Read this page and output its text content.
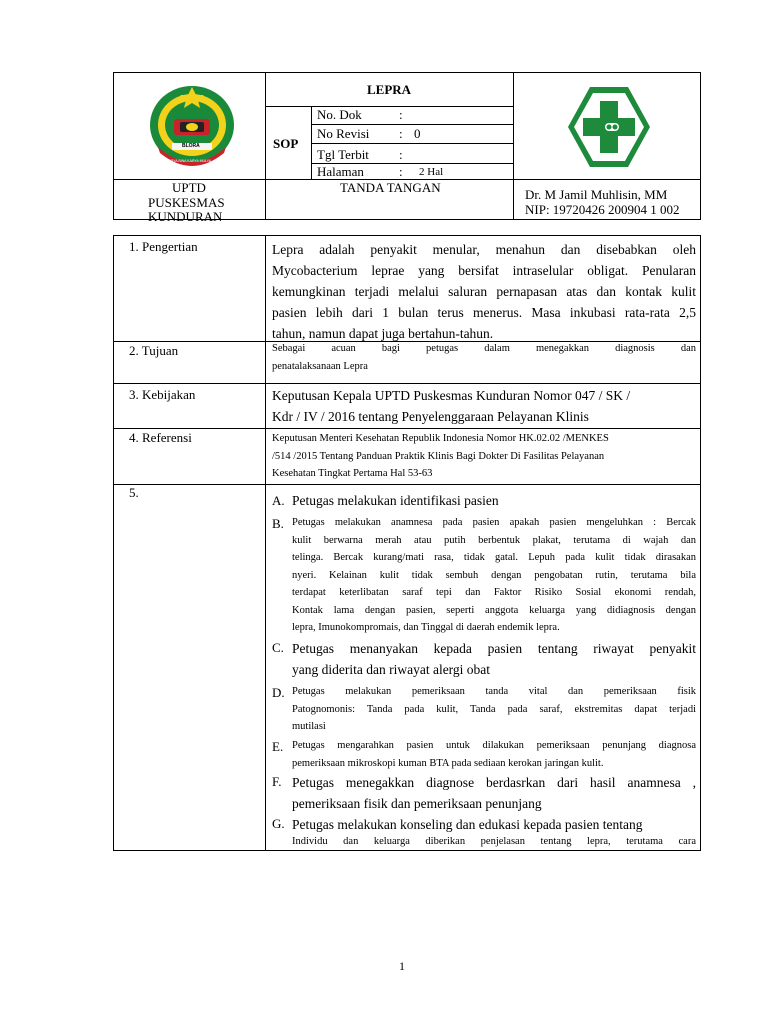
BLORA
KARYA BINA KARYA MULYA
LEPRA
SOP
No. Dok	:
No Revisi : 0
Tgl Terbit :
Halaman	: 2 Hal
UPTD
PUSKESMAS
KUNDURAN
TANDA TANGAN	Dr. M Jamil Muhlisin, MM
NIP: 19720426 200904 1 002
1. Pengertian	Lepra adalah penyakit menular, menahun dan disebabkan oleh
Mycobacterium leprae yang bersifat intraselular obligat. Penularan
kemungkinan terjadi melalui saluran pernapasan atas dan kontak kulit
pasien lebih dari 1 bulan terus menerus. Masa inkubasi rata-rata 2,5
tahun, namun dapat juga bertahun-tahun.
2. Tujuan	Sebagai acuan bagi petugas dalam menegakkan diagnosis dan
penatalaksanaan Lepra
3. Kebijakan	Keputusan Kepala UPTD Puskesmas Kunduran Nomor 047 / SK /
Kdr / IV / 2016 tentang Penyelenggaraan Pelayanan Klinis
4. Referensi	Keputusan Menteri Kesehatan Republik Indonesia Nomor HK.02.02 /MENKES
/514 /2015 Tentang Panduan Praktik Klinis Bagi Dokter Di Fasilitas Pelayanan
Kesehatan Tingkat Pertama Hal 53-63
5.
A. Petugas melakukan identifikasi pasien
B. Petugas melakukan anamnesa pada pasien apakah pasien mengeluhkan : Bercak
kulit berwarna merah atau putih berbentuk plakat, terutama di wajah dan
telinga. Bercak kurang/mati rasa, tidak gatal. Lepuh pada kulit tidak dirasakan
nyeri. Kelainan kulit tidak sembuh dengan pengobatan rutin, terutama bila
terdapat keterlibatan saraf tepi dan Faktor Risiko Sosial ekonomi rendah,
Kontak lama dengan pasien, seperti anggota keluarga yang didiagnosis dengan
lepra, Imunokompromais, dan Tinggal di daerah endemik lepra.
C. Petugas menanyakan kepada pasien tentang riwayat penyakit
yang diderita dan riwayat alergi obat
D. Petugas melakukan pemeriksaan tanda vital dan pemeriksaan fisik
Patognomonis: Tanda pada kulit, Tanda pada saraf, ekstremitas dapat terjadi
mutilasi
E. Petugas mengarahkan pasien untuk dilakukan pemeriksaan penunjang diagnosa
pemeriksaan mikroskopi kuman BTA pada sediaan kerokan jaringan kulit.
F. Petugas menegakkan diagnose berdasrkan dari hasil anamnesa ,
pemeriksaan fisik dan pemeriksaan penunjang
G. Petugas melakukan konseling dan edukasi kepada pasien tentang
Individu dan keluarga diberikan penjelasan tentang lepra, terutama cara
1
